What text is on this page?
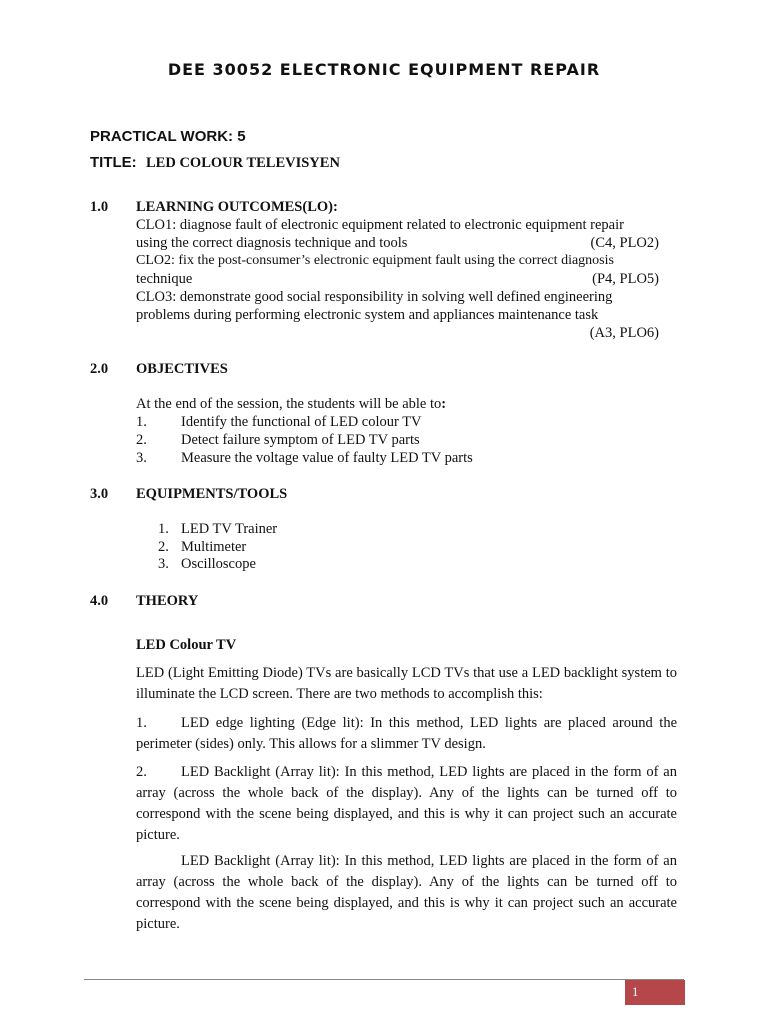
DEE 30052 ELECTRONIC EQUIPMENT REPAIR

PRACTICAL WORK: 5

TITLE: LED COLOUR TELEVISYEN

1.0 LEARNING OUTCOMES(LO):

CLO1: diagnose fault of electronic equipment related to electronic equipment repair

using the correct diagnosis technique and tools	(C4, PLO2)

CLO2: fix the post-consumer’s electronic equipment fault using the correct diagnosis

technique	(P4, PLO5)

CLO3: demonstrate good social responsibility in solving well defined engineering

problems during performing electronic system and appliances maintenance task

(A3, PLO6)

2.0 OBJECTIVES

At the end of the session, the students will be able to:

1. Identify the functional of LED colour TV

2. Detect failure symptom of LED TV parts

3. Measure the voltage value of faulty LED TV parts

3.0 EQUIPMENTS/TOOLS

1. LED TV Trainer

2. Multimeter

3. Oscilloscope

4.0 THEORY

LED Colour TV

LED (Light Emitting Diode) TVs are basically LCD TVs that use a LED backlight system to illuminate the LCD screen. There are two methods to accomplish this:

1. LED edge lighting (Edge lit): In this method, LED lights are placed around the perimeter (sides) only. This allows for a slimmer TV design.

2. LED Backlight (Array lit): In this method, LED lights are placed in the form of an array (across the whole back of the display). Any of the lights can be turned off to correspond with the scene being displayed, and this is why it can project such an accurate picture.

LED Backlight (Array lit): In this method, LED lights are placed in the form of an array (across the whole back of the display). Any of the lights can be turned off to correspond with the scene being displayed, and this is why it can project such an accurate picture.

1
